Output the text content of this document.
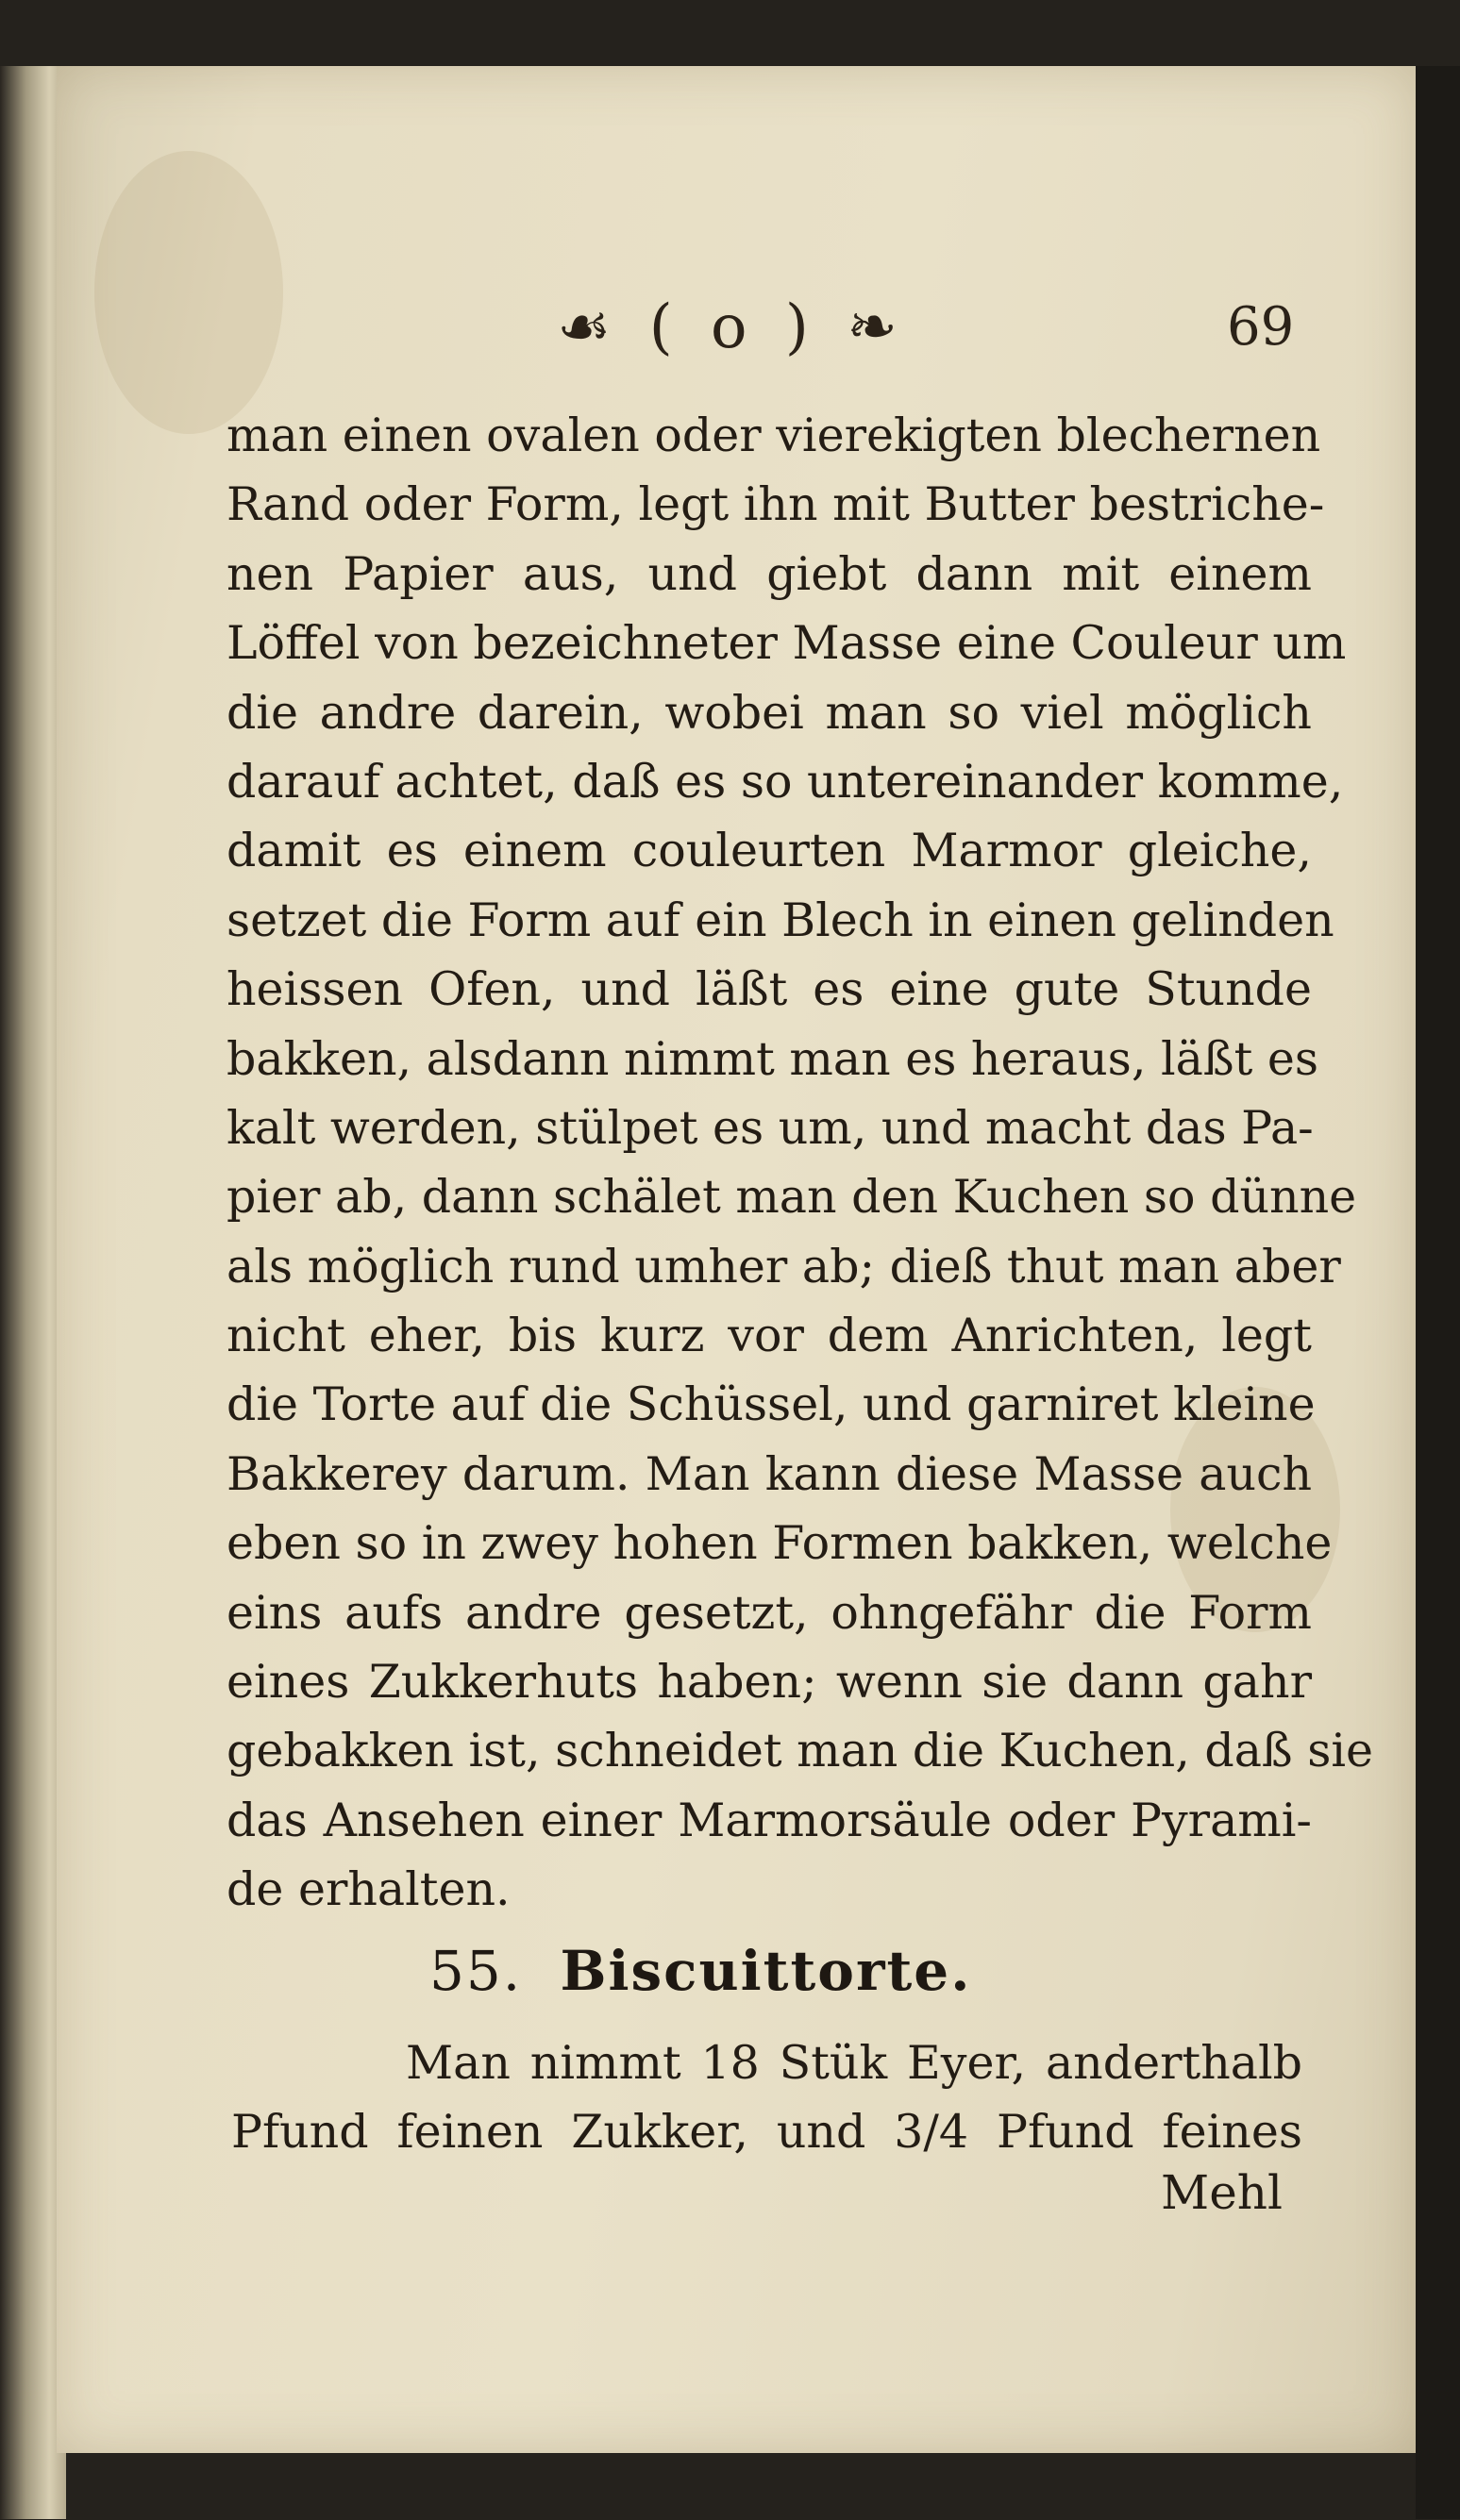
☙ ( o ) ❧	69
man einen ovalen oder vierekigten blechernen
Rand oder Form, legt ihn mit Butter bestriche-
nen Papier aus, und giebt dann mit einem
Löffel von bezeichneter Masse eine Couleur um
die andre darein, wobei man so viel möglich
darauf achtet, daß es so untereinander komme,
damit es einem couleurten Marmor gleiche,
setzet die Form auf ein Blech in einen gelinden
heissen Ofen, und läßt es eine gute Stunde
bakken, alsdann nimmt man es heraus, läßt es
kalt werden, stülpet es um, und macht das Pa-
pier ab, dann schälet man den Kuchen so dünne
als möglich rund umher ab; dieß thut man aber
nicht eher, bis kurz vor dem Anrichten, legt
die Torte auf die Schüssel, und garniret kleine
Bakkerey darum. Man kann diese Masse auch
eben so in zwey hohen Formen bakken, welche
eins aufs andre gesetzt, ohngefähr die Form
eines Zukkerhuts haben; wenn sie dann gahr
gebakken ist, schneidet man die Kuchen, daß sie
das Ansehen einer Marmorsäule oder Pyrami-
de erhalten.
55. Biscuittorte.
Man nimmt 18 Stük Eyer, anderthalb
Pfund feinen Zukker, und 3/4 Pfund feines
Mehl
